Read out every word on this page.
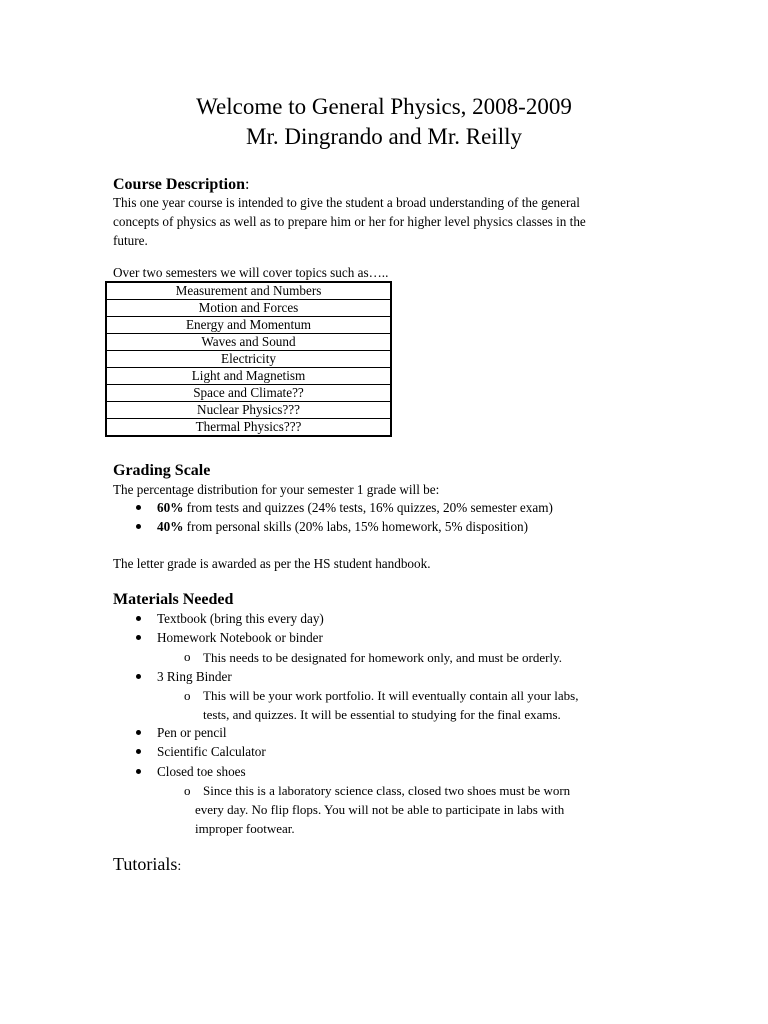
Welcome to General Physics, 2008-2009
Mr. Dingrando and Mr. Reilly
Course Description:
This one year course is intended to give the student a broad understanding of the general
concepts of physics as well as to prepare him or her for higher level physics classes in the
future.
Over two semesters we will cover topics such as…..
Measurement and Numbers
Motion and Forces
Energy and Momentum
Waves and Sound
Electricity
Light and Magnetism
Space and Climate??
Nuclear Physics???
Thermal Physics???
Grading Scale
The percentage distribution for your semester 1 grade will be:
60% from tests and quizzes (24% tests, 16% quizzes, 20% semester exam)
40% from personal skills (20% labs, 15% homework, 5% disposition)
The letter grade is awarded as per the HS student handbook.
Materials Needed
Textbook (bring this every day)
Homework Notebook or binder
o This needs to be designated for homework only, and must be orderly.
3 Ring Binder
o This will be your work portfolio. It will eventually contain all your labs,
tests, and quizzes. It will be essential to studying for the final exams.
Pen or pencil
Scientific Calculator
Closed toe shoes
o Since this is a laboratory science class, closed two shoes must be worn
every day. No flip flops. You will not be able to participate in labs with
improper footwear.
Tutorials:
